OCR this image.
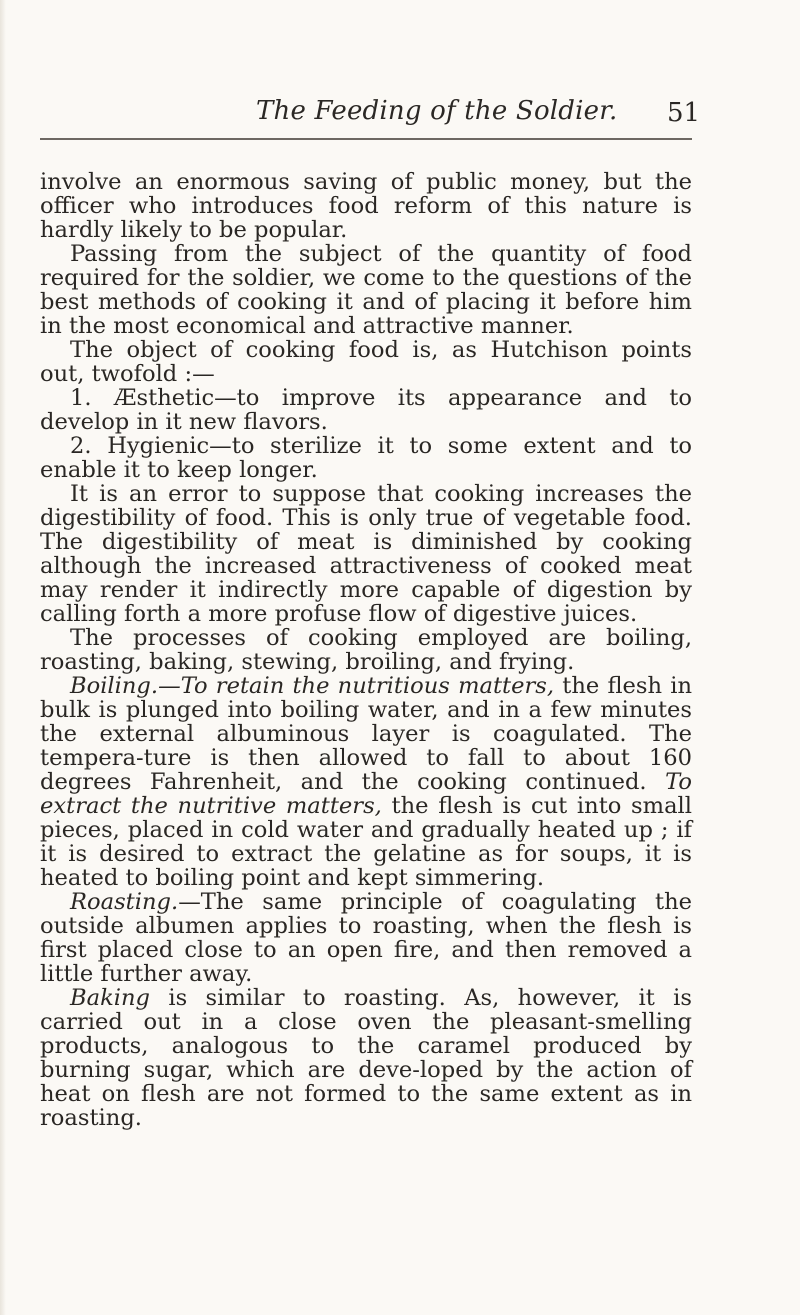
The Feeding of the Soldier. 51

involve an enormous saving of public money, but the officer who introduces food reform of this nature is hardly likely to be popular.

Passing from the subject of the quantity of food required for the soldier, we come to the questions of the best methods of cooking it and of placing it before him in the most economical and attractive manner.

The object of cooking food is, as Hutchison points out, twofold :—

1. Æsthetic—to improve its appearance and to develop in it new flavors.

2. Hygienic—to sterilize it to some extent and to enable it to keep longer.

It is an error to suppose that cooking increases the digestibility of food. This is only true of vegetable food. The digestibility of meat is diminished by cooking although the increased attractiveness of cooked meat may render it indirectly more capable of digestion by calling forth a more profuse flow of digestive juices.

The processes of cooking employed are boiling, roasting, baking, stewing, broiling, and frying.

Boiling.—To retain the nutritious matters, the flesh in bulk is plunged into boiling water, and in a few minutes the external albuminous layer is coagulated. The tempera-ture is then allowed to fall to about 160 degrees Fahrenheit, and the cooking continued. To extract the nutritive matters, the flesh is cut into small pieces, placed in cold water and gradually heated up ; if it is desired to extract the gelatine as for soups, it is heated to boiling point and kept simmering.

Roasting.—The same principle of coagulating the outside albumen applies to roasting, when the flesh is first placed close to an open fire, and then removed a little further away.

Baking is similar to roasting. As, however, it is carried out in a close oven the pleasant-smelling products, analogous to the caramel produced by burning sugar, which are deve-loped by the action of heat on flesh are not formed to the same extent as in roasting.
